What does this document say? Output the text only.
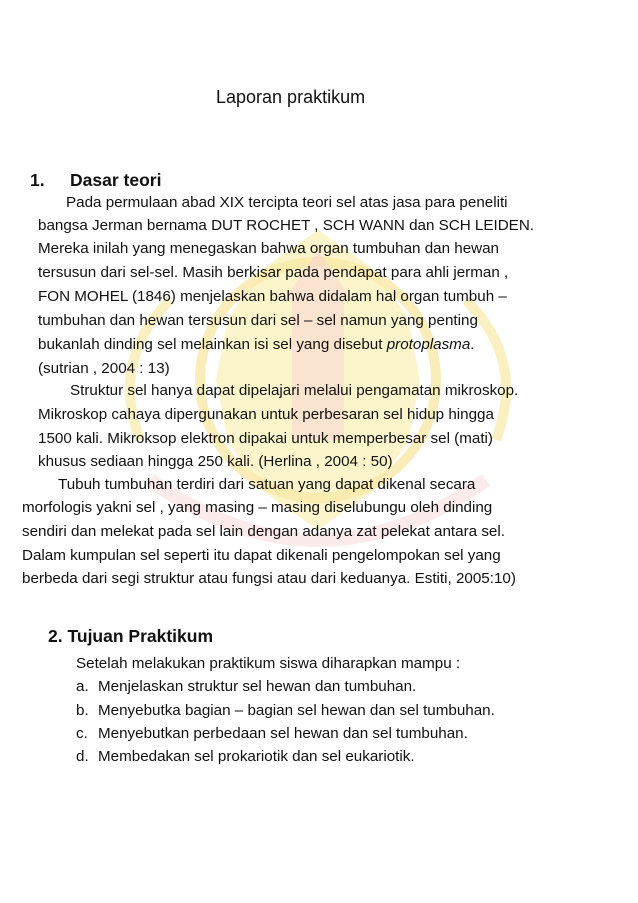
Laporan praktikum
1. Dasar teori
Pada permulaan abad XIX tercipta teori sel atas jasa para peneliti
bangsa Jerman bernama DUT ROCHET , SCH WANN dan SCH LEIDEN.
Mereka inilah yang menegaskan bahwa organ tumbuhan dan hewan
tersusun dari sel-sel. Masih berkisar pada pendapat para ahli jerman ,
FON MOHEL (1846) menjelaskan bahwa didalam hal organ tumbuh –
tumbuhan dan hewan tersusun dari sel – sel namun yang penting
bukanlah dinding sel melainkan isi sel yang disebut protoplasma.
(sutrian , 2004 : 13)
Struktur sel hanya dapat dipelajari melalui pengamatan mikroskop.
Mikroskop cahaya dipergunakan untuk perbesaran sel hidup hingga
1500 kali. Mikroksop elektron dipakai untuk memperbesar sel (mati)
khusus sediaan hingga 250 kali. (Herlina , 2004 : 50)
Tubuh tumbuhan terdiri dari satuan yang dapat dikenal secara
morfologis yakni sel , yang masing – masing diselubungu oleh dinding
sendiri dan melekat pada sel lain dengan adanya zat pelekat antara sel.
Dalam kumpulan sel seperti itu dapat dikenali pengelompokan sel yang
berbeda dari segi struktur atau fungsi atau dari keduanya. Estiti, 2005:10)
2. Tujuan Praktikum
Setelah melakukan praktikum siswa diharapkan mampu :
a. Menjelaskan struktur sel hewan dan tumbuhan.
b. Menyebutka bagian – bagian sel hewan dan sel tumbuhan.
c. Menyebutkan perbedaan sel hewan dan sel tumbuhan.
d. Membedakan sel prokariotik dan sel eukariotik.
